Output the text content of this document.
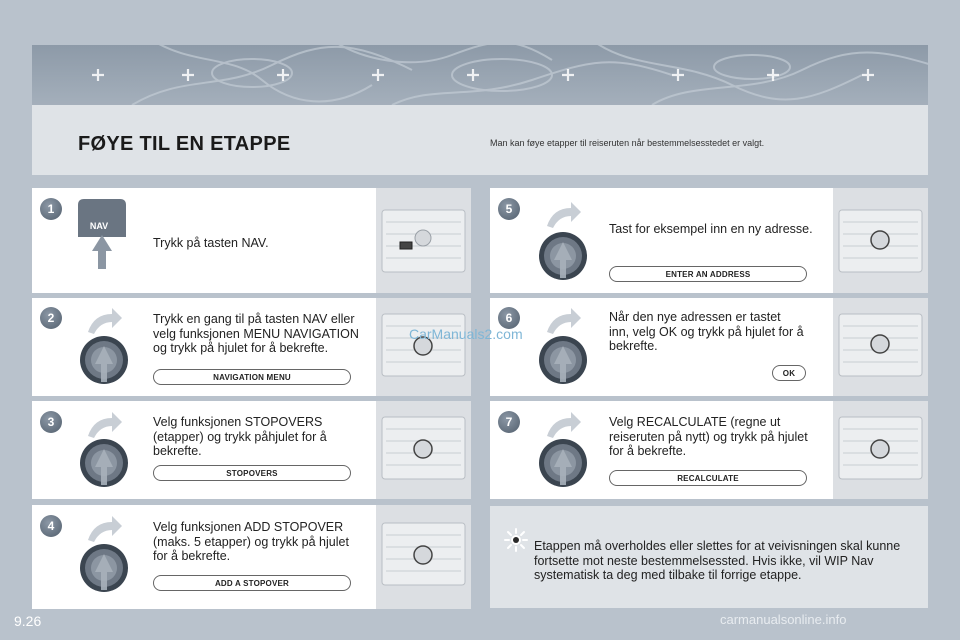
FØYE TIL EN ETAPPE	Man kan føye etapper til reiseruten når bestemmelsesstedet er valgt.
1
NAV
Trykk på tasten NAV.
2	Trykk en gang til på tasten NAV eller
velg funksjonen MENU NAVIGATION
og trykk på hjulet for å bekrefte.
NAVIGATION MENU
3	Velg funksjonen STOPOVERS
(etapper) og trykk påhjulet for å
bekrefte.
STOPOVERS
4	Velg funksjonen ADD STOPOVER
(maks. 5 etapper) og trykk på hjulet
for å bekrefte.
ADD A STOPOVER
5
Tast for eksempel inn en ny adresse.
ENTER AN ADDRESS
6	Når den nye adressen er tastet
inn, velg OK og trykk på hjulet for å
bekrefte.
OK
7	Velg RECALCULATE (regne ut
reiseruten på nytt) og trykk på hjulet
for å bekrefte.
RECALCULATE
Etappen må overholdes eller slettes for at veivisningen skal kunne
fortsette mot neste bestemmelsessted. Hvis ikke, vil WIP Nav
systematisk ta deg med tilbake til forrige etappe.
CarManuals2.com
9.26	carmanualsonline.info
